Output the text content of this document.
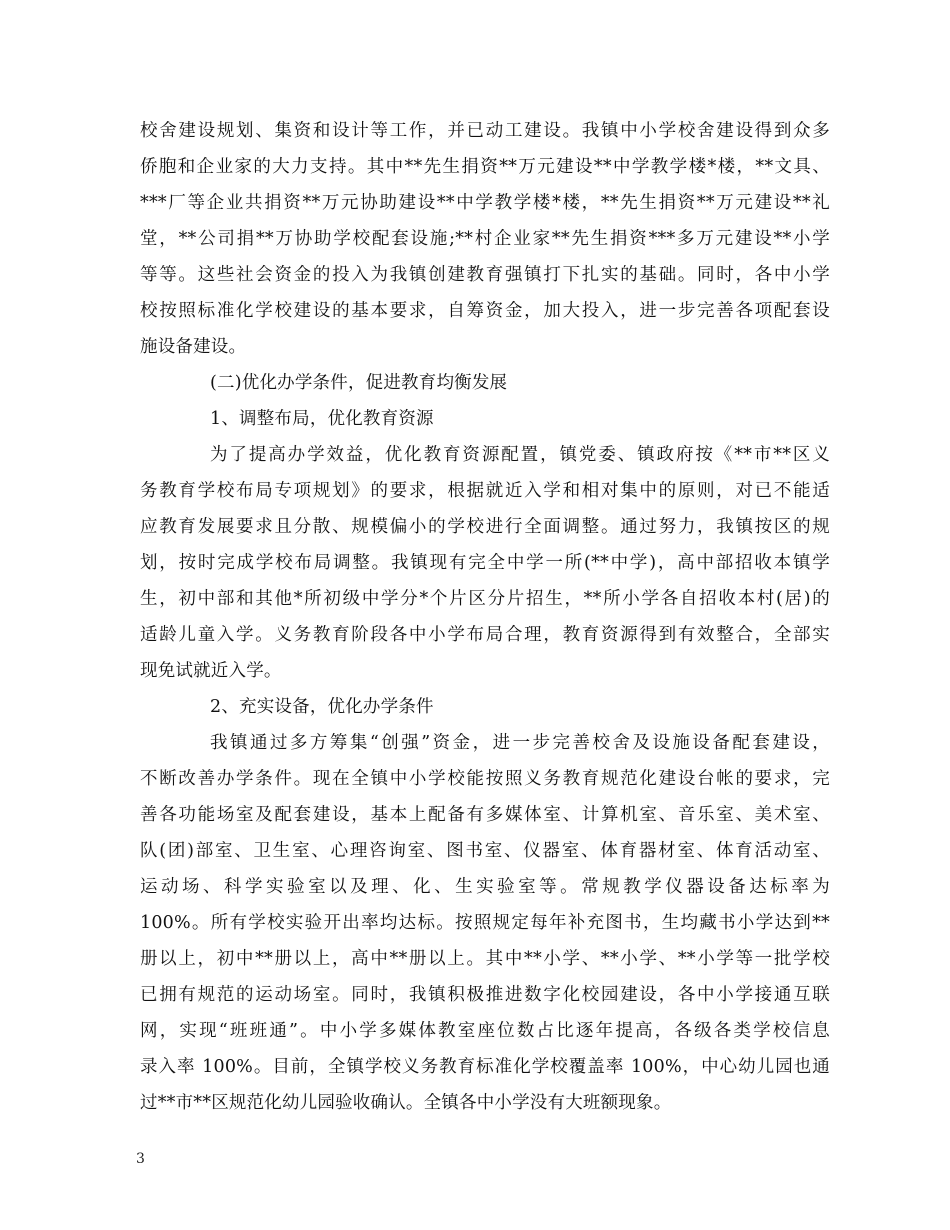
校舍建设规划、集资和设计等工作，并已动工建设。我镇中小学校舍建设得到众多
侨胞和企业家的大力支持。其中**先生捐资**万元建设**中学教学楼*楼，**文具、
***厂等企业共捐资**万元协助建设**中学教学楼*楼，**先生捐资**万元建设**礼
堂，**公司捐**万协助学校配套设施;**村企业家**先生捐资***多万元建设**小学
等等。这些社会资金的投入为我镇创建教育强镇打下扎实的基础。同时，各中小学
校按照标准化学校建设的基本要求，自筹资金，加大投入，进一步完善各项配套设
施设备建设。
(二)优化办学条件，促进教育均衡发展
1、调整布局，优化教育资源
为了提高办学效益，优化教育资源配置，镇党委、镇政府按《**市**区义
务教育学校布局专项规划》的要求，根据就近入学和相对集中的原则，对已不能适
应教育发展要求且分散、规模偏小的学校进行全面调整。通过努力，我镇按区的规
划，按时完成学校布局调整。我镇现有完全中学一所(**中学)，高中部招收本镇学
生，初中部和其他*所初级中学分*个片区分片招生，**所小学各自招收本村(居)的
适龄儿童入学。义务教育阶段各中小学布局合理，教育资源得到有效整合，全部实
现免试就近入学。
2、充实设备，优化办学条件
我镇通过多方筹集“创强”资金，进一步完善校舍及设施设备配套建设，
不断改善办学条件。现在全镇中小学校能按照义务教育规范化建设台帐的要求，完
善各功能场室及配套建设，基本上配备有多媒体室、计算机室、音乐室、美术室、
队(团)部室、卫生室、心理咨询室、图书室、仪器室、体育器材室、体育活动室、
运动场、科学实验室以及理、化、生实验室等。常规教学仪器设备达标率为
100%。所有学校实验开出率均达标。按照规定每年补充图书，生均藏书小学达到**
册以上，初中**册以上，高中**册以上。其中**小学、**小学、**小学等一批学校
已拥有规范的运动场室。同时，我镇积极推进数字化校园建设，各中小学接通互联
网，实现“班班通”。中小学多媒体教室座位数占比逐年提高，各级各类学校信息
录入率 100%。目前，全镇学校义务教育标准化学校覆盖率 100%，中心幼儿园也通
过**市**区规范化幼儿园验收确认。全镇各中小学没有大班额现象。
3
